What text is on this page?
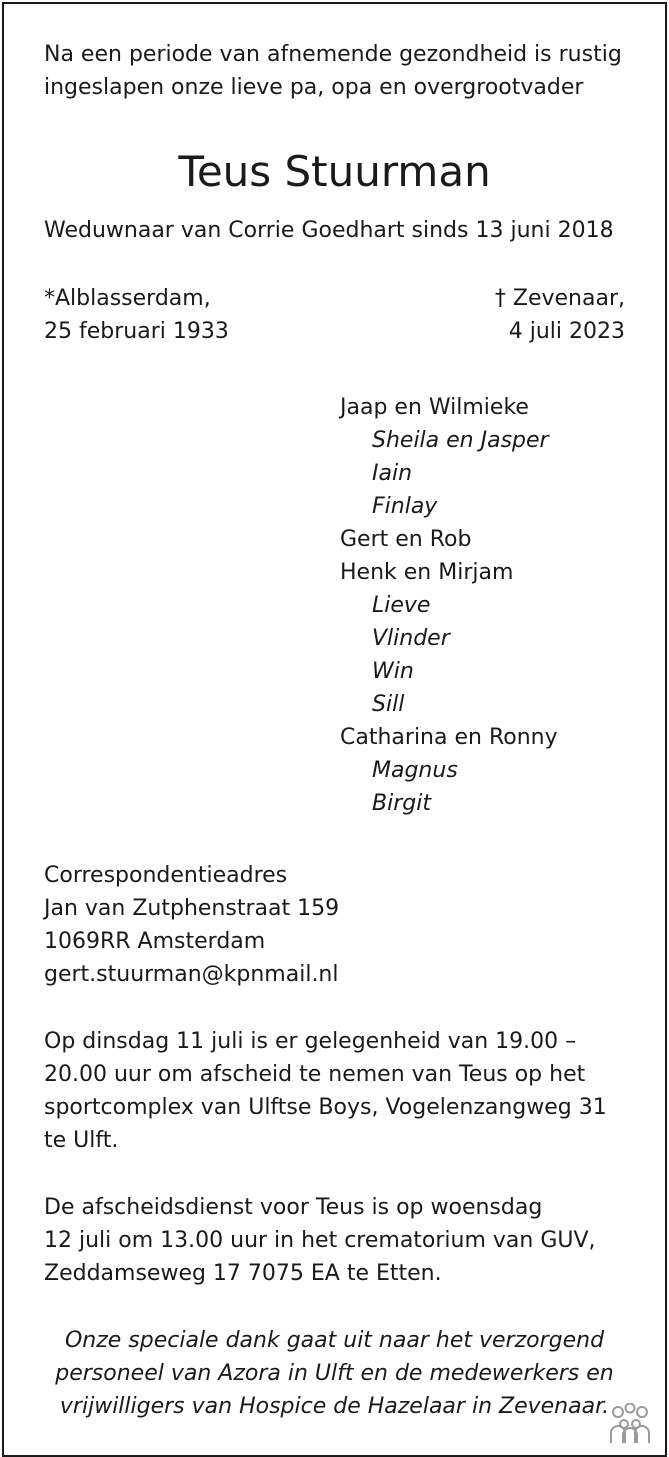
Na een periode van afnemende gezondheid is rustig
ingeslapen onze lieve pa, opa en overgrootvader
Teus Stuurman
Weduwnaar van Corrie Goedhart sinds 13 juni 2018
*Alblasserdam,
25 februari 1933
† Zevenaar,
4 juli 2023
Jaap en Wilmieke
Sheila en Jasper
Iain
Finlay
Gert en Rob
Henk en Mirjam
Lieve
Vlinder
Win
Sill
Catharina en Ronny
Magnus
Birgit
Correspondentieadres
Jan van Zutphenstraat 159
1069RR Amsterdam
gert.stuurman@kpnmail.nl
Op dinsdag 11 juli is er gelegenheid van 19.00 –
20.00 uur om afscheid te nemen van Teus op het
sportcomplex van Ulftse Boys, Vogelenzangweg 31
te Ulft.
De afscheidsdienst voor Teus is op woensdag
12 juli om 13.00 uur in het crematorium van GUV,
Zeddamseweg 17 7075 EA te Etten.
Onze speciale dank gaat uit naar het verzorgend
personeel van Azora in Ulft en de medewerkers en
vrijwilligers van Hospice de Hazelaar in Zevenaar.
